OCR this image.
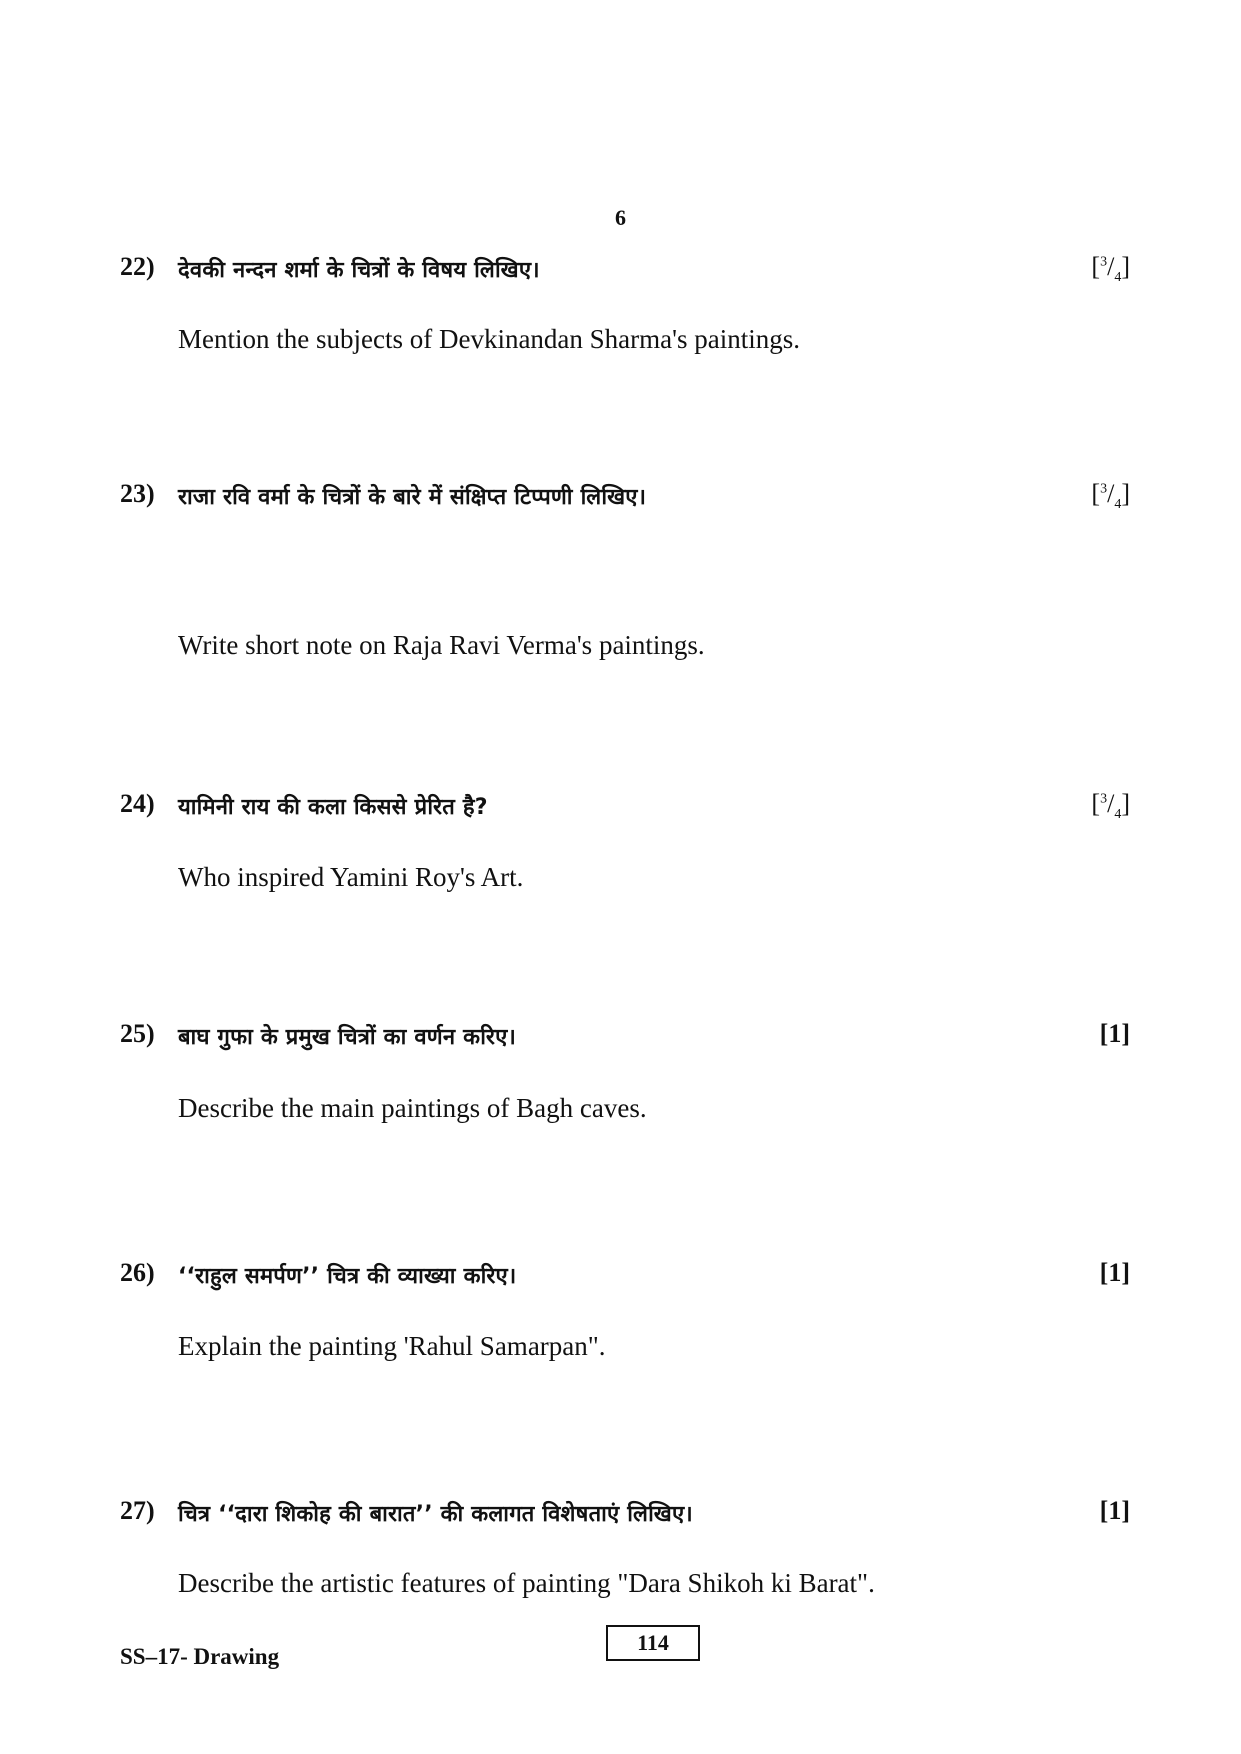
6
22) देवकी नन्दन शर्मा के चित्रों के विषय लिखिए।	$[^3/_4]$
Mention the subjects of Devkinandan Sharma's paintings.
23) राजा रवि वर्मा के चित्रों के बारे में संक्षिप्त टिप्पणी लिखिए।	$[^3/_4]$
Write short note on Raja Ravi Verma's paintings.
24) यामिनी राय की कला किससे प्रेरित है?	$[^3/_4]$
Who inspired Yamini Roy's Art.
25) बाघ गुफा के प्रमुख चित्रों का वर्णन करिए।	[1]
Describe the main paintings of Bagh caves.
26) ‘‘राहुल समर्पण’’ चित्र की व्याख्या करिए।	[1]
Explain the painting 'Rahul Samarpan".
27) चित्र ‘‘दारा शिकोह की बारात’’ की कलागत विशेषताएं लिखिए।	[1]
Describe the artistic features of painting "Dara Shikoh ki Barat".
SS–17- Drawing
114
